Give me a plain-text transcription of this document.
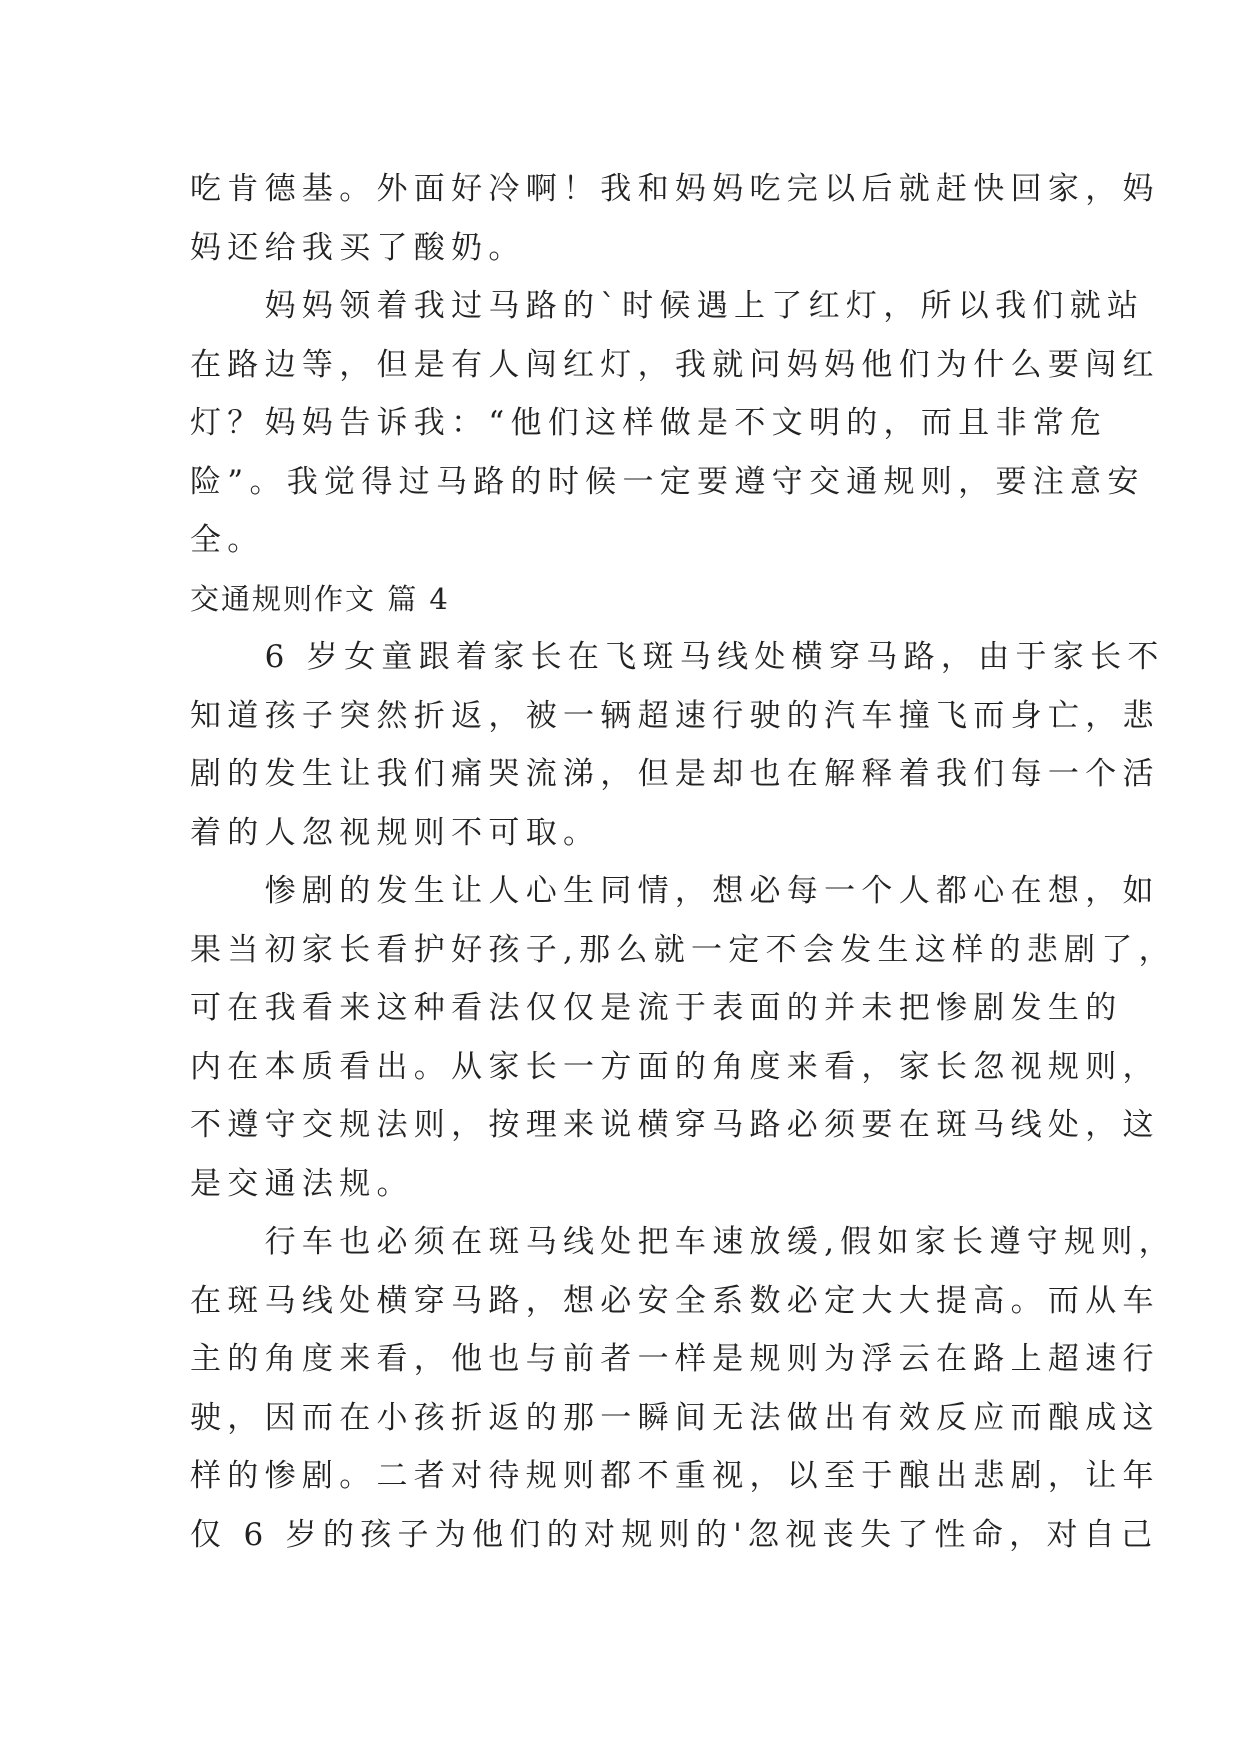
吃肯德基。外面好冷啊！我和妈妈吃完以后就赶快回家，妈
妈还给我买了酸奶。
　　妈妈领着我过马路的`时候遇上了红灯，所以我们就站
在路边等，但是有人闯红灯，我就问妈妈他们为什么要闯红
灯？妈妈告诉我：“他们这样做是不文明的，而且非常危
险”。我觉得过马路的时候一定要遵守交通规则，要注意安
全。
交通规则作文 篇 4
　　6 岁女童跟着家长在飞斑马线处横穿马路，由于家长不
知道孩子突然折返，被一辆超速行驶的汽车撞飞而身亡，悲
剧的发生让我们痛哭流涕，但是却也在解释着我们每一个活
着的人忽视规则不可取。
　　惨剧的发生让人心生同情，想必每一个人都心在想，如
果当初家长看护好孩子,那么就一定不会发生这样的悲剧了，
可在我看来这种看法仅仅是流于表面的并未把惨剧发生的
内在本质看出。从家长一方面的角度来看，家长忽视规则，
不遵守交规法则，按理来说横穿马路必须要在斑马线处，这
是交通法规。
　　行车也必须在斑马线处把车速放缓,假如家长遵守规则，
在斑马线处横穿马路，想必安全系数必定大大提高。而从车
主的角度来看，他也与前者一样是规则为浮云在路上超速行
驶，因而在小孩折返的那一瞬间无法做出有效反应而酿成这
样的惨剧。二者对待规则都不重视，以至于酿出悲剧，让年
仅 6 岁的孩子为他们的对规则的'忽视丧失了性命，对自己
